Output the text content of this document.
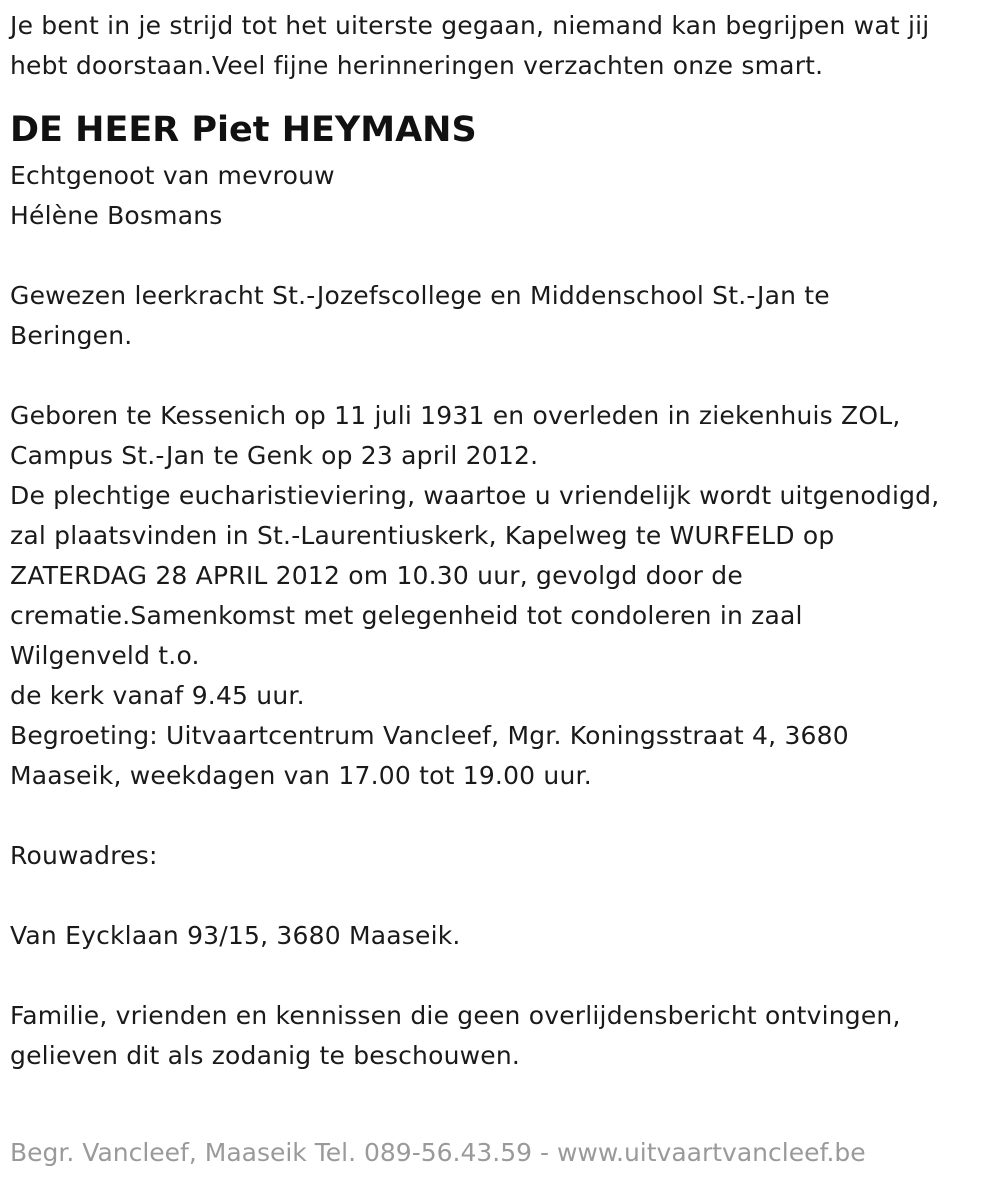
Je bent in je strijd tot het uiterste gegaan, niemand kan begrijpen wat jij
hebt doorstaan.Veel fijne herinneringen verzachten onze smart.
DE HEER Piet HEYMANS
Echtgenoot van mevrouw
Hélène Bosmans
Gewezen leerkracht St.-Jozefscollege en Middenschool St.-Jan te
Beringen.
Geboren te Kessenich op 11 juli 1931 en overleden in ziekenhuis ZOL,
Campus St.-Jan te Genk op 23 april 2012.
De plechtige eucharistieviering, waartoe u vriendelijk wordt uitgenodigd,
zal plaatsvinden in St.-Laurentiuskerk, Kapelweg te WURFELD op
ZATERDAG 28 APRIL 2012 om 10.30 uur, gevolgd door de
crematie.Samenkomst met gelegenheid tot condoleren in zaal
Wilgenveld t.o.
de kerk vanaf 9.45 uur.
Begroeting: Uitvaartcentrum Vancleef, Mgr. Koningsstraat 4, 3680
Maaseik, weekdagen van 17.00 tot 19.00 uur.
Rouwadres:
Van Eycklaan 93/15, 3680 Maaseik.
Familie, vrienden en kennissen die geen overlijdensbericht ontvingen,
gelieven dit als zodanig te beschouwen.
Begr. Vancleef, Maaseik Tel. 089-56.43.59 - www.uitvaartvancleef.be
